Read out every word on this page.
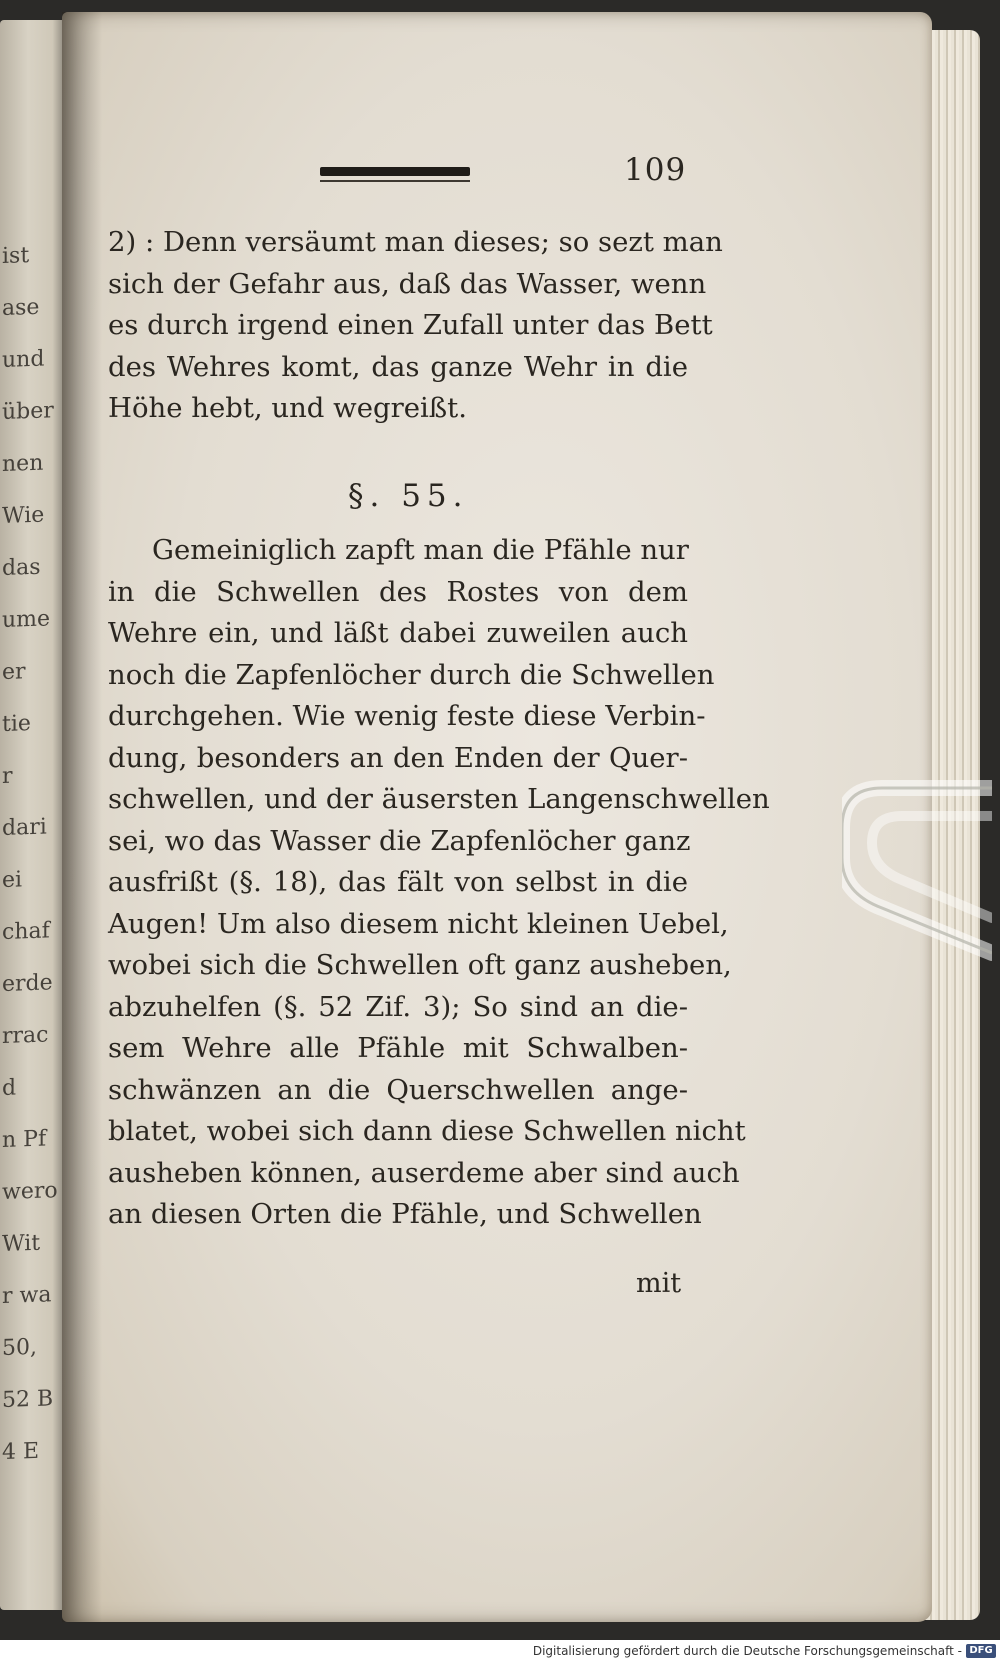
ist
ase
und
über
nen
Wie
das
ume
er
tie
r
dari
ei
chaf
erde
rrac
d
n Pf
wero
Wit
r wa
50,
52 B
4 E
109
2) : Denn versäumt man dieses; so sezt man
sich der Gefahr aus, daß das Wasser, wenn
es durch irgend einen Zufall unter das Bett
des Wehres komt, das ganze Wehr in die
Höhe hebt, und wegreißt.
§. 55.
Gemeiniglich zapft man die Pfähle nur
in die Schwellen des Rostes von dem
Wehre ein, und läßt dabei zuweilen auch
noch die Zapfenlöcher durch die Schwellen
durchgehen. Wie wenig feste diese Verbin-
dung, besonders an den Enden der Quer-
schwellen, und der äusersten Langenschwellen
sei, wo das Wasser die Zapfenlöcher ganz
ausfrißt (§. 18), das fält von selbst in die
Augen! Um also diesem nicht kleinen Uebel,
wobei sich die Schwellen oft ganz ausheben,
abzuhelfen (§. 52 Zif. 3); So sind an die-
sem Wehre alle Pfähle mit Schwalben-
schwänzen an die Querschwellen ange-
blatet, wobei sich dann diese Schwellen nicht
ausheben können, auserdeme aber sind auch
an diesen Orten die Pfähle, und Schwellen
mit
Digitalisierung gefördert durch die Deutsche Forschungsgemeinschaft - DFG
